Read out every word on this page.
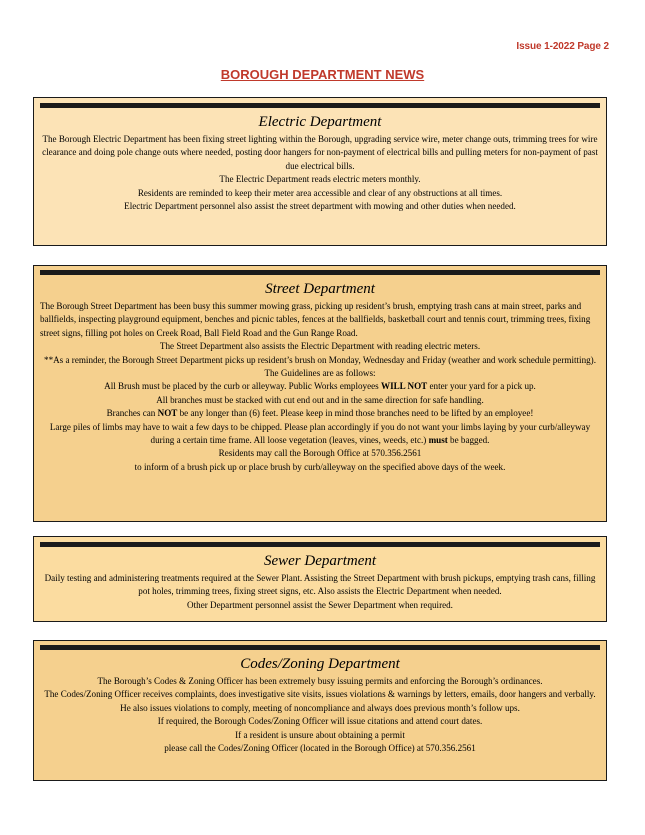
Issue 1-2022 Page 2
BOROUGH DEPARTMENT NEWS
Electric Department

The Borough Electric Department has been fixing street lighting within the Borough, upgrading service wire, meter change outs, trimming trees for wire clearance and doing pole change outs where needed, posting door hangers for non-payment of electrical bills and pulling meters for non-payment of past due electrical bills.

The Electric Department reads electric meters monthly.

Residents are reminded to keep their meter area accessible and clear of any obstructions at all times.

Electric Department personnel also assist the street department with mowing and other duties when needed.

Street Department

The Borough Street Department has been busy this summer mowing grass, picking up resident’s brush, emptying trash cans at main street, parks and ballfields, inspecting playground equipment, benches and picnic tables, fences at the ballfields, basketball court and tennis court, trimming trees, fixing street signs, filling pot holes on Creek Road, Ball Field Road and the Gun Range Road.

The Street Department also assists the Electric Department with reading electric meters.

**As a reminder, the Borough Street Department picks up resident’s brush on Monday, Wednesday and Friday (weather and work schedule permitting).

The Guidelines are as follows:

All Brush must be placed by the curb or alleyway. Public Works employees WILL NOT enter your yard for a pick up.

All branches must be stacked with cut end out and in the same direction for safe handling.

Branches can NOT be any longer than (6) feet. Please keep in mind those branches need to be lifted by an employee!

Large piles of limbs may have to wait a few days to be chipped. Please plan accordingly if you do not want your limbs laying by your curb/alleyway during a certain time frame. All loose vegetation (leaves, vines, weeds, etc.) must be bagged.

Residents may call the Borough Office at 570.356.2561

to inform of a brush pick up or place brush by curb/alleyway on the specified above days of the week.

Sewer Department

Daily testing and administering treatments required at the Sewer Plant. Assisting the Street Department with brush pickups, emptying trash cans, filling pot holes, trimming trees, fixing street signs, etc. Also assists the Electric Department when needed.

Other Department personnel assist the Sewer Department when required.

Codes/Zoning Department

The Borough’s Codes & Zoning Officer has been extremely busy issuing permits and enforcing the Borough’s ordinances.

The Codes/Zoning Officer receives complaints, does investigative site visits, issues violations & warnings by letters, emails, door hangers and verbally.

He also issues violations to comply, meeting of noncompliance and always does previous month’s follow ups.

If required, the Borough Codes/Zoning Officer will issue citations and attend court dates.

If a resident is unsure about obtaining a permit

please call the Codes/Zoning Officer (located in the Borough Office) at 570.356.2561
